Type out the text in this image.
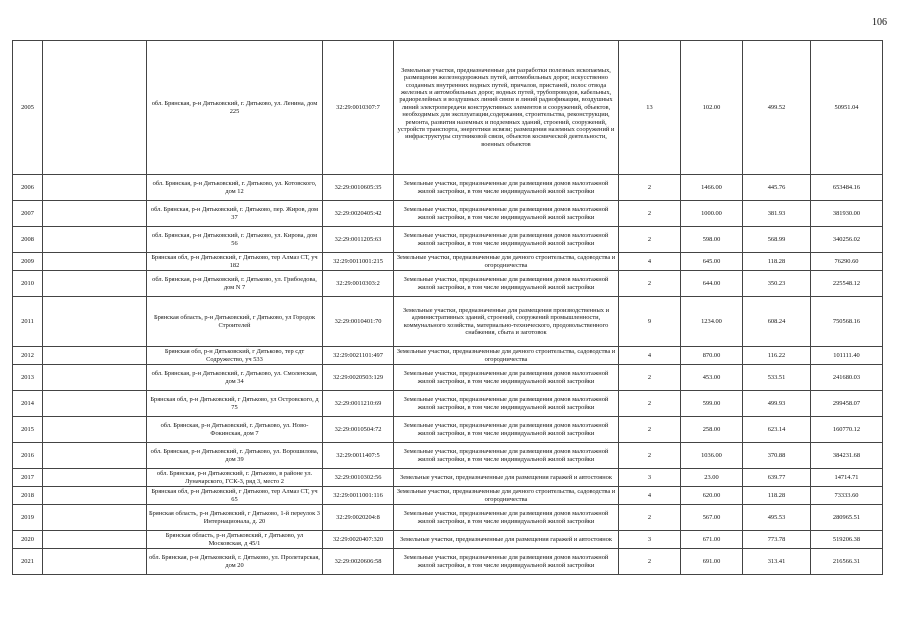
106
2005		обл. Брянская, р-н Дятьковский, г. Дятьково, ул. Ленина, дом 225	32:29:0010307:7	Земельные участки, предназначенные для разработки полезных ископаемых, размещения железнодорожных путей, автомобильных дорог, искусственно созданных внутренних водных путей, причалов, пристаней, полос отвода железных и автомобильных дорог, водных путей, трубопроводов, кабельных, радиорелейных и воздушных линий связи и линий радиофикации, воздушных линий электропередачи конструктивных элементов и сооружений, объектов, необходимых для эксплуатации,содержания, строительства, реконструкции, ремонта, развития наземных и подземных зданий, строений, сооружений, устройств транспорта, энергетики исвязи; размещения наземных сооружений и инфраструктуры спутниковой связи, объектов космической деятельности, военных объектов	13	102.00	499.52	50951.04
2006		обл. Брянская, р-н Дятьковский, г. Дятьково, ул. Котовского, дом 12	32:29:0010605:35	Земельные участки, предназначенные для размещения домов малоэтажной жилой застройки, в том числе индивидуальной жилой застройки	2	1466.00	445.76	653484.16
2007		обл. Брянская, р-н Дятьковский, г. Дятьково, пер. Жиров, дом 37	32:29:0020405:42	Земельные участки, предназначенные для размещения домов малоэтажной жилой застройки, в том числе индивидуальной жилой застройки	2	1000.00	381.93	381930.00
2008		обл. Брянская, р-н Дятьковский, г. Дятьково, ул. Кирова, дом 56	32:29:0011205:63	Земельные участки, предназначенные для размещения домов малоэтажной жилой застройки, в том числе индивидуальной жилой застройки	2	598.00	568.99	340256.02
2009		Брянская обл, р-н Дятьковский, г Дятьково, тер Алмаз СТ, уч 182	32:29:0011001:215	Земельные участки, предназначенные для дачного строительства, садоводства и огородничества	4	645.00	118.28	76290.60
2010		обл. Брянская, р-н Дятьковский, г. Дятьково, ул. Грибоедова, дом N 7	32:29:0010303:2	Земельные участки, предназначенные для размещения домов малоэтажной жилой застройки, в том числе индивидуальной жилой застройки	2	644.00	350.23	225548.12
2011		Брянская область, р-н Дятьковский, г Дятьково, ул Городок Строителей	32:29:0010401:70	Земельные участки, предназначенные для размещения производственных и административных зданий, строений, сооружений промышленности, коммунального хозяйства, материально-технического, продовольственного снабжения, сбыта и заготовок	9	1234.00	608.24	750568.16
2012		Брянская обл, р-н Дятьковский, г Дятьково, тер сдт Содружество, уч 533	32:29:0021101:497	Земельные участки, предназначенные для дачного строительства, садоводства и огородничества	4	870.00	116.22	101111.40
2013		обл. Брянская, р-н Дятьковский, г. Дятьково, ул. Смоленская, дом 34	32:29:0020503:129	Земельные участки, предназначенные для размещения домов малоэтажной жилой застройки, в том числе индивидуальной жилой застройки	2	453.00	533.51	241680.03
2014		Брянская обл, р-н Дятьковский, г Дятьково, ул Островского, д 75	32:29:0011210:69	Земельные участки, предназначенные для размещения домов малоэтажной жилой застройки, в том числе индивидуальной жилой застройки	2	599.00	499.93	299458.07
2015		обл. Брянская, р-н Дятьковский, г. Дятьково, ул. Ново-Фокинская, дом 7	32:29:0010504:72	Земельные участки, предназначенные для размещения домов малоэтажной жилой застройки, в том числе индивидуальной жилой застройки	2	258.00	623.14	160770.12
2016		обл. Брянская, р-н Дятьковский, г. Дятьково, ул. Ворошилова, дом 39	32:29:0011407:5	Земельные участки, предназначенные для размещения домов малоэтажной жилой застройки, в том числе индивидуальной жилой застройки	2	1036.00	370.88	384231.68
2017		обл. Брянская, р-н Дятьковский, г. Дятьково, в районе ул. Луначарского, ГСК-3, ряд 3, место 2	32:29:0010302:56	Земельные участки, предназначенные для размещения гаражей и автостоянок	3	23.00	639.77	14714.71
2018		Брянская обл, р-н Дятьковский, г Дятьково, тер Алмаз СТ, уч 65	32:29:0011001:116	Земельные участки, предназначенные для дачного строительства, садоводства и огородничества	4	620.00	118.28	73333.60
2019		Брянская область, р-н Дятьковский, г Дятьково, 1-й переулок 3 Интернационала, д. 20	32:29:0020204:8	Земельные участки, предназначенные для размещения домов малоэтажной жилой застройки, в том числе индивидуальной жилой застройки	2	567.00	495.53	280965.51
2020		Брянская область, р-н Дятьковский, г Дятьково, ул Московская, д 45/1	32:29:0020407:320	Земельные участки, предназначенные для размещения гаражей и автостоянок	3	671.00	773.78	519206.38
2021		обл. Брянская, р-н Дятьковский, г. Дятьково, ул. Пролетарская, дом 20	32:29:0020606:58	Земельные участки, предназначенные для размещения домов малоэтажной жилой застройки, в том числе индивидуальной жилой застройки	2	691.00	313.41	216566.31
